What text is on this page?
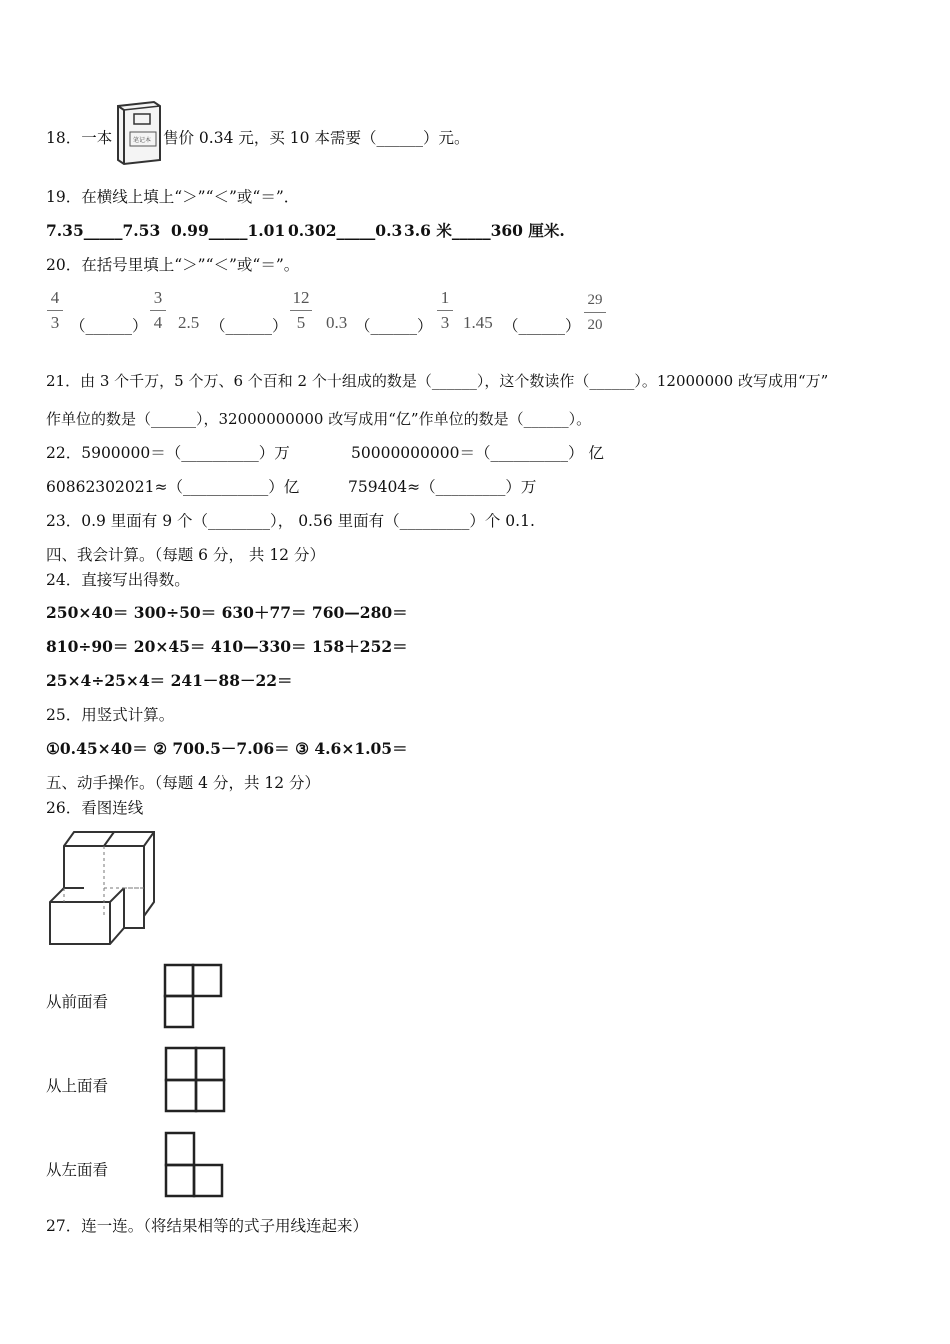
18．一本	笔记本 售价 0.34 元，买 10 本需要（______）元。
19．在横线上填上“＞”“＜”或“＝”．
7.35_____7.53 0.99_____1.01 0.302_____0.3 3.6 米_____360 厘米.
20．在括号里填上“＞”“＜”或“＝”。
4
3 （______）
3
4 2.5 （______）
12
5	0.3 （______）
1
3 1.45 （______）
29
20
21．由 3 个千万，5 个万、6 个百和 2 个十组成的数是（______），这个数读作（______）。12000000 改写成用“万”
作单位的数是（______），32000000000 改写成用“亿”作单位的数是（______）。
22．5900000＝（__________）万	50000000000＝（__________） 亿
60862302021≈（___________）亿	759404≈（_________）万
23．0.9 里面有 9 个（________）， 0.56 里面有（_________）个 0.1.
四、我会计算。（每题 6 分， 共 12 分）
24．直接写出得数。
250×40＝ 300÷50＝ 630＋77＝ 760—280＝
810÷90＝ 20×45＝ 410—330＝ 158＋252＝
25×4÷25×4＝ 241－88－22＝
25．用竖式计算。
①0.45×40＝ ② 700.5－7.06＝ ③ 4.6×1.05＝
五、动手操作。（每题 4 分，共 12 分）
26．看图连线
从前面看
从上面看
从左面看
27．连一连。（将结果相等的式子用线连起来）
